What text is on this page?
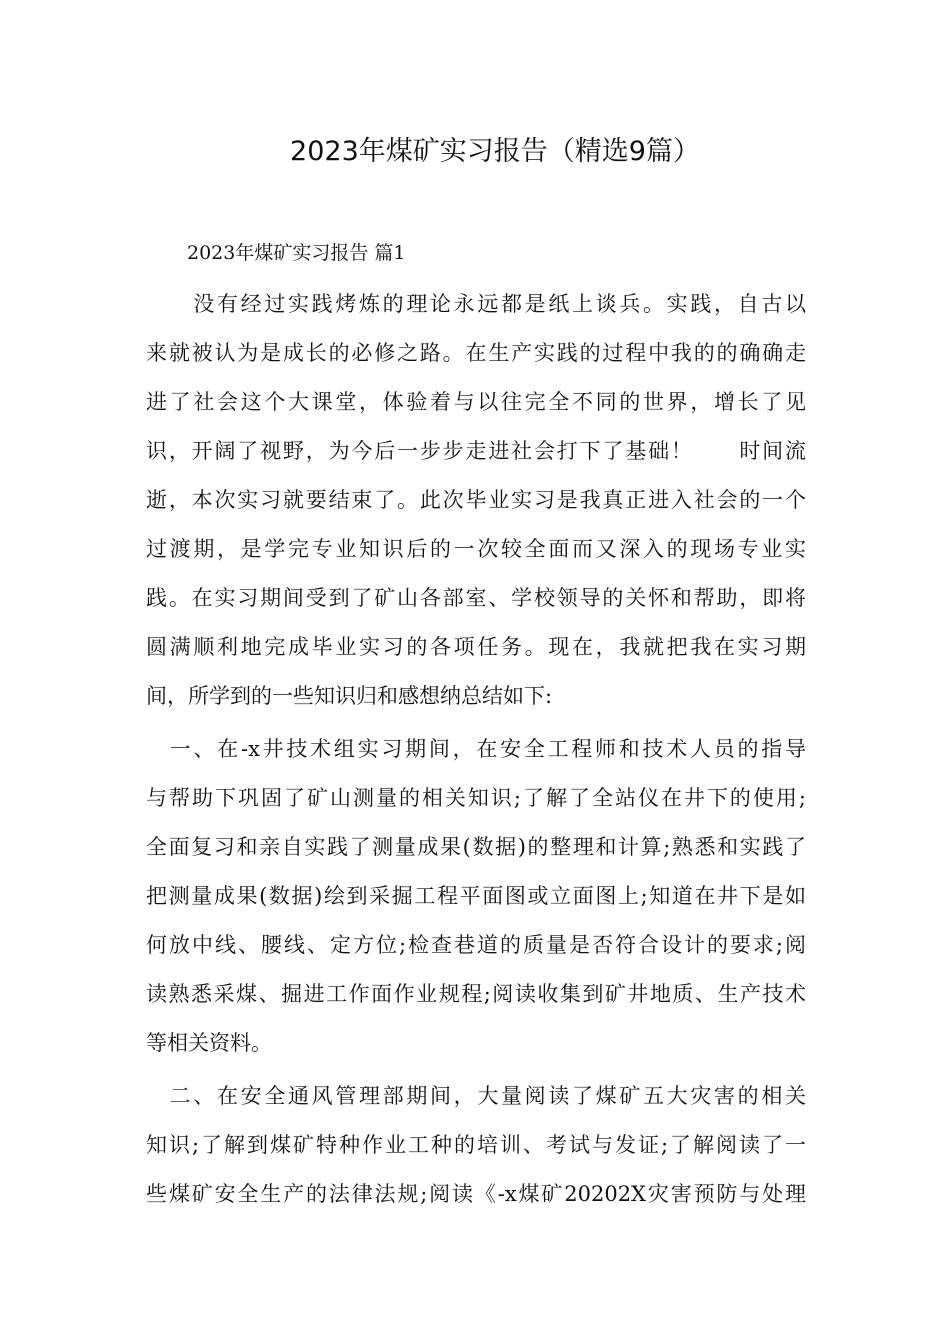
2023年煤矿实习报告（精选9篇）
2023年煤矿实习报告 篇1

　　没有经过实践烤炼的理论永远都是纸上谈兵。实践，自古以
来就被认为是成长的必修之路。在生产实践的过程中我的的确确走
进了社会这个大课堂，体验着与以往完全不同的世界，增长了见
识，开阔了视野，为今后一步步走进社会打下了基础！　　时间流
逝，本次实习就要结束了。此次毕业实习是我真正进入社会的一个
过渡期，是学完专业知识后的一次较全面而又深入的现场专业实
践。在实习期间受到了矿山各部室、学校领导的关怀和帮助，即将
圆满顺利地完成毕业实习的各项任务。现在，我就把我在实习期
间，所学到的一些知识归和感想纳总结如下:

　一、在-x井技术组实习期间，在安全工程师和技术人员的指导
与帮助下巩固了矿山测量的相关知识;了解了全站仪在井下的使用;
全面复习和亲自实践了测量成果(数据)的整理和计算;熟悉和实践了
把测量成果(数据)绘到采掘工程平面图或立面图上;知道在井下是如
何放中线、腰线、定方位;检查巷道的质量是否符合设计的要求;阅
读熟悉采煤、掘进工作面作业规程;阅读收集到矿井地质、生产技术
等相关资料。

　二、在安全通风管理部期间，大量阅读了煤矿五大灾害的相关
知识;了解到煤矿特种作业工种的培训、考试与发证;了解阅读了一
些煤矿安全生产的法律法规;阅读《-x煤矿20202X灾害预防与处理
